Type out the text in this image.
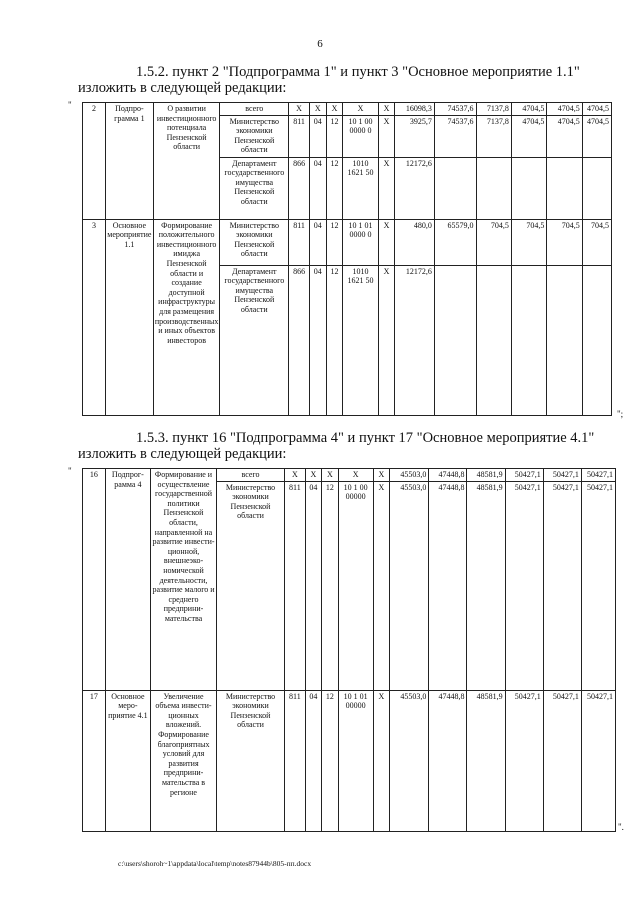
6
1.5.2. пункт 2 "Подпрограмма 1" и пункт 3 "Основное мероприятие 1.1"
изложить в следующей редакции:
"	2	Подпрограмма 1	О развитии инвестиционного потенциала Пензенской области	всего	X	X	X	X	X	16098,3	74537,6	7137,8	4704,5	4704,5	4704,5
			Министерство экономики Пензенской области	811	04	12	10 1 00 0000 0	X	3925,7	74537,6	7137,8	4704,5	4704,5	4704,5
			Департамент государственного имущества Пензенской области	866	04	12	1010 1621 50	X	12172,6					
3	Основное мероприятие 1.1	Формирование положительного инвестиционного имиджа Пензенской области и создание доступной инфраструктуры для размещения производственных и иных объектов инвесторов	Министерство экономики Пензенской области	811	04	12	10 1 01 0000 0	X	480,0	65579,0	704,5	704,5	704,5	704,5
			Департамент государственного имущества Пензенской области	866	04	12	1010 1621 50	X	12172,6					
";
1.5.3. пункт 16 "Подпрограмма 4" и пункт 17 "Основное мероприятие 4.1"
изложить в следующей редакции:
" 16	Подпрограмма 4	Формирование и осуществление государственной политики Пензенской области, направленной на развитие инвестиционной, внешнеэкономической деятельности, развитие малого и среднего предпринимательства	всего	X	X	X	X	X	45503,0	47448,8	48581,9	50427,1	50427,1	50427,1
			Министерство экономики Пензенской области	811	04	12	10 1 00 00000	X	45503,0	47448,8	48581,9	50427,1	50427,1	50427,1
17	Основное мероприятие 4.1	Увеличение объема инвестиционных вложений. Формирование благоприятных условий для развития предпринимательства в регионе	Министерство экономики Пензенской области	811	04	12	10 1 01 00000	X	45503,0	47448,8	48581,9	50427,1	50427,1	50427,1
".
c:\users\shoroh~1\appdata\local\temp\notes87944b\805-пп.docx
